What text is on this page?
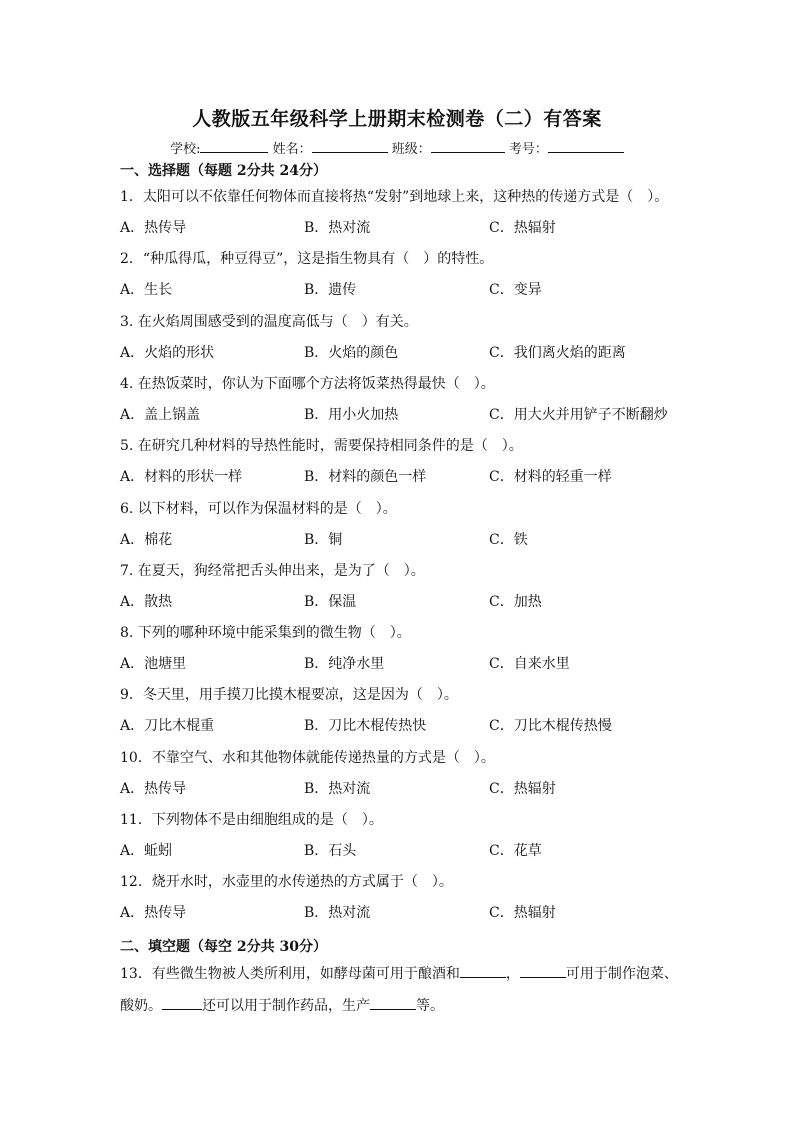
人教版五年级科学上册期末检测卷（二）有答案
学校:	姓名：	班级：	考号：
一、选择题（每题 2分共 24分）
1．太阳可以不依靠任何物体而直接将热“发射”到地球上来，这种热的传递方式是（　）。
A．热传导	B．热对流	C．热辐射
2．“种瓜得瓜，种豆得豆”，这是指生物具有（　）的特性。
A．生长	B．遗传	C．变异
3. 在火焰周围感受到的温度高低与（　）有关。
A．火焰的形状	B．火焰的颜色	C．我们离火焰的距离
4. 在热饭菜时，你认为下面哪个方法将饭菜热得最快（　）。
A．盖上锅盖	B．用小火加热	C．用大火并用铲子不断翻炒
5. 在研究几种材料的导热性能时，需要保持相同条件的是（　）。
A．材料的形状一样	B．材料的颜色一样	C．材料的轻重一样
6. 以下材料，可以作为保温材料的是（　）。
A．棉花	B．铜	C．铁
7. 在夏天，狗经常把舌头伸出来，是为了（　）。
A．散热	B．保温	C．加热
8. 下列的哪种环境中能采集到的微生物（　）。
A．池塘里	B．纯净水里	C．自来水里
9．冬天里，用手摸刀比摸木棍要凉，这是因为（　）。
A．刀比木棍重	B．刀比木棍传热快	C．刀比木棍传热慢
10．不靠空气、水和其他物体就能传递热量的方式是（　）。
A．热传导	B．热对流	C．热辐射
11．下列物体不是由细胞组成的是（　）。
A．蚯蚓	B．石头	C．花草
12．烧开水时，水壶里的水传递热的方式属于（　）。
A．热传导	B．热对流	C．热辐射
二、填空题（每空 2分共 30分）
13．有些微生物被人类所利用，如酵母菌可用于酿酒和	，	可用于制作泡菜、酸奶。	还可以用于制作药品，生产	等。
